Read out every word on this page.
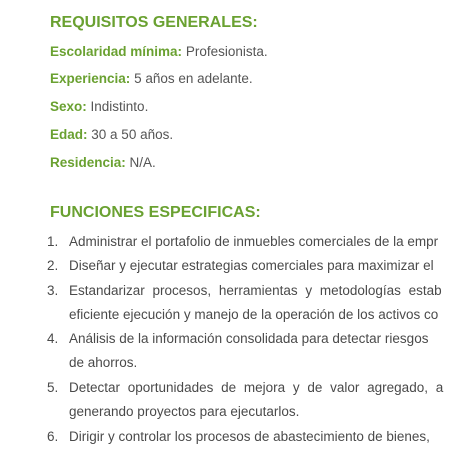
REQUISITOS GENERALES:

Escolaridad mínima: Profesionista.

Experiencia: 5 años en adelante.

Sexo: Indistinto.

Edad: 30 a 50 años.

Residencia: N/A.

FUNCIONES ESPECIFICAS:
1. Administrar el portafolio de inmuebles comerciales de la empr
2. Diseñar y ejecutar estrategias comerciales para maximizar el
3. Estandarizar procesos, herramientas y metodologías estab
eficiente ejecución y manejo de la operación de los activos co
4. Análisis de la información consolidada para detectar riesgos
de ahorros.
5. Detectar oportunidades de mejora y de valor agregado, a
generando proyectos para ejecutarlos.
6. Dirigir y controlar los procesos de abastecimiento de bienes,
